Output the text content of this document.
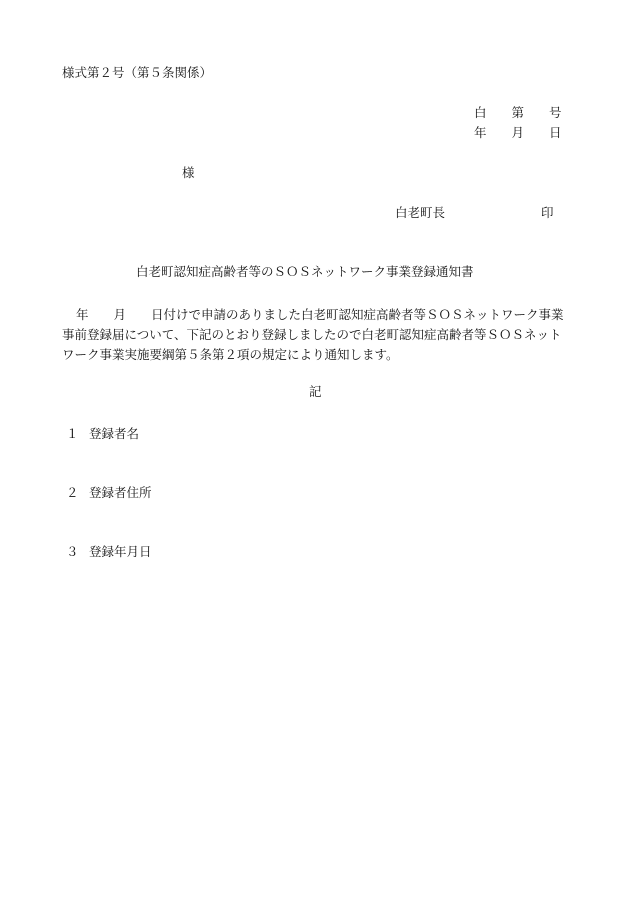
様式第２号（第５条関係）
白　　第　　号
年　　月　　日
様
白老町長	印
白老町認知症高齢者等のＳＯＳネットワーク事業登録通知書
年　　月　　日付けで申請のありました白老町認知症高齢者等ＳＯＳネットワーク事業事前登録届について、下記のとおり登録しましたので白老町認知症高齢者等ＳＯＳネットワーク事業実施要綱第５条第２項の規定により通知します。
記
１ 登録者名
２ 登録者住所
３ 登録年月日
